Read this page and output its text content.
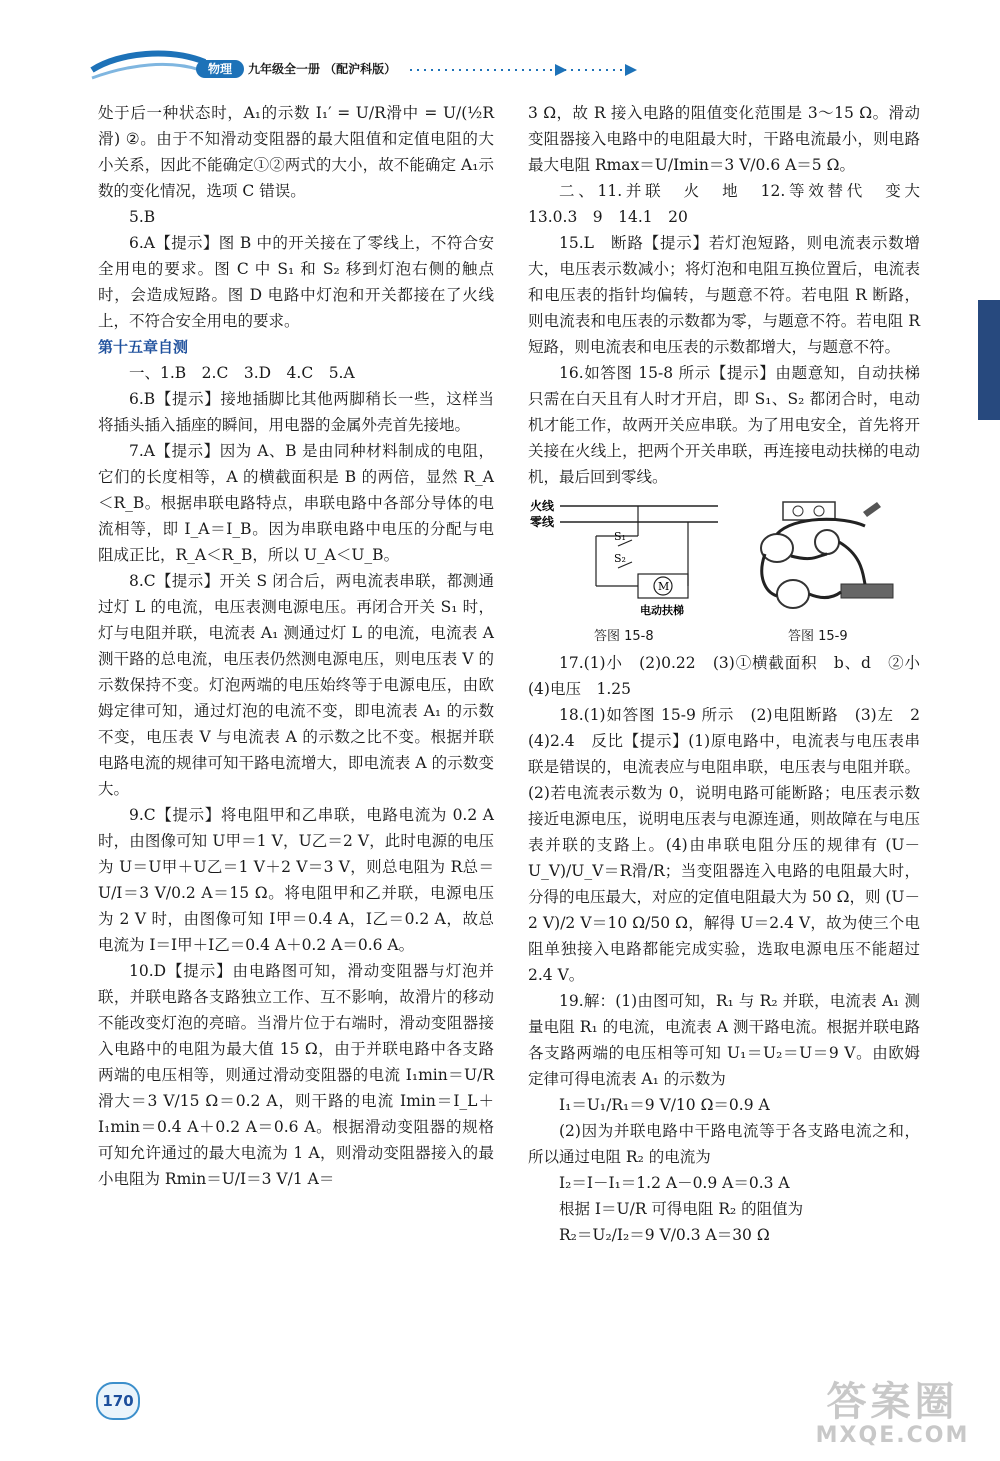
物理	九年级全一册 （配沪科版）

处于后一种状态时，A₁的示数 I₁′ = U/R滑中 = U/(½R滑) ②。由于不知滑动变阻器的最大阻值和定值电阻的大小关系，因此不能确定①②两式的大小，故不能确定 A₁示数的变化情况，选项 C 错误。

5.B

6.A【提示】图 B 中的开关接在了零线上，不符合安全用电的要求。图 C 中 S₁ 和 S₂ 移到灯泡右侧的触点时，会造成短路。图 D 电路中灯泡和开关都接在了火线上，不符合安全用电的要求。

第十五章自测

一、1.B　2.C　3.D　4.C　5.A

6.B【提示】接地插脚比其他两脚稍长一些，这样当将插头插入插座的瞬间，用电器的金属外壳首先接地。

7.A【提示】因为 A、B 是由同种材料制成的电阻，它们的长度相等，A 的横截面积是 B 的两倍，显然 R_A＜R_B。根据串联电路特点，串联电路中各部分导体的电流相等，即 I_A＝I_B。因为串联电路中电压的分配与电阻成正比，R_A＜R_B，所以 U_A＜U_B。

8.C【提示】开关 S 闭合后，两电流表串联，都测通过灯 L 的电流，电压表测电源电压。再闭合开关 S₁ 时，灯与电阻并联，电流表 A₁ 测通过灯 L 的电流，电流表 A 测干路的总电流，电压表仍然测电源电压，则电压表 V 的示数保持不变。灯泡两端的电压始终等于电源电压，由欧姆定律可知，通过灯泡的电流不变，即电流表 A₁ 的示数不变，电压表 V 与电流表 A 的示数之比不变。根据并联电路电流的规律可知干路电流增大，即电流表 A 的示数变大。

9.C【提示】将电阻甲和乙串联，电路电流为 0.2 A时，由图像可知 U甲＝1 V，U乙＝2 V，此时电源的电压为 U＝U甲＋U乙＝1 V＋2 V＝3 V，则总电阻为 R总＝U/I＝3 V/0.2 A＝15 Ω。将电阻甲和乙并联，电源电压为 2 V 时，由图像可知 I甲＝0.4 A，I乙＝0.2 A，故总电流为 I＝I甲＋I乙＝0.4 A＋0.2 A＝0.6 A。

10.D【提示】由电路图可知，滑动变阻器与灯泡并联，并联电路各支路独立工作、互不影响，故滑片的移动不能改变灯泡的亮暗。当滑片位于右端时，滑动变阻器接入电路中的电阻为最大值 15 Ω，由于并联电路中各支路两端的电压相等，则通过滑动变阻器的电流 I₁min＝U/R滑大＝3 V/15 Ω＝0.2 A，则干路的电流 Imin＝I_L＋I₁min＝0.4 A＋0.2 A＝0.6 A。根据滑动变阻器的规格可知允许通过的最大电流为 1 A，则滑动变阻器接入的最小电阻为 Rmin＝U/I＝3 V/1 A＝

3 Ω，故 R 接入电路的阻值变化范围是 3～15 Ω。滑动变阻器接入电路中的电阻最大时，干路电流最小，则电路最大电阻 Rmax＝U/Imin＝3 V/0.6 A＝5 Ω。

二、11.并联　火　地　12.等效替代　变大　13.0.3　9　14.1　20

15.L　断路【提示】若灯泡短路，则电流表示数增大，电压表示数减小；将灯泡和电阻互换位置后，电流表和电压表的指针均偏转，与题意不符。若电阻 R 断路，则电流表和电压表的示数都为零，与题意不符。若电阻 R 短路，则电流表和电压表的示数都增大，与题意不符。

16.如答图 15-8 所示【提示】由题意知，自动扶梯只需在白天且有人时才开启，即 S₁、S₂ 都闭合时，电动机才能工作，故两开关应串联。为了用电安全，首先将开关接在火线上，把两个开关串联，再连接电动扶梯的电动机，最后回到零线。

火线
零线
S₁
S₂
M
电动扶梯
答图 15-8	答图 15-9

17.(1)小　(2)0.22　(3)①横截面积　b、d　②小　(4)电压　1.25

18.(1)如答图 15-9 所示　(2)电阻断路　(3)左　2　(4)2.4　反比【提示】(1)原电路中，电流表与电压表串联是错误的，电流表应与电阻串联，电压表与电阻并联。(2)若电流表示数为 0，说明电路可能断路；电压表示数接近电源电压，说明电压表与电源连通，则故障在与电压表并联的支路上。(4)由串联电阻分压的规律有 (U－U_V)/U_V＝R滑/R；当变阻器连入电路的电阻最大时，分得的电压最大，对应的定值电阻最大为 50 Ω，则 (U－2 V)/2 V＝10 Ω/50 Ω，解得 U＝2.4 V，故为使三个电阻单独接入电路都能完成实验，选取电源电压不能超过 2.4 V。

19.解：(1)由图可知，R₁ 与 R₂ 并联，电流表 A₁ 测量电阻 R₁ 的电流，电流表 A 测干路电流。根据并联电路各支路两端的电压相等可知 U₁＝U₂＝U＝9 V。由欧姆定律可得电流表 A₁ 的示数为

I₁＝U₁/R₁＝9 V/10 Ω＝0.9 A

(2)因为并联电路中干路电流等于各支路电流之和，所以通过电阻 R₂ 的电流为

I₂＝I－I₁＝1.2 A－0.9 A＝0.3 A

根据 I＝U/R 可得电阻 R₂ 的阻值为

R₂＝U₂/I₂＝9 V/0.3 A＝30 Ω

170	答案圈
MXQE.COM
